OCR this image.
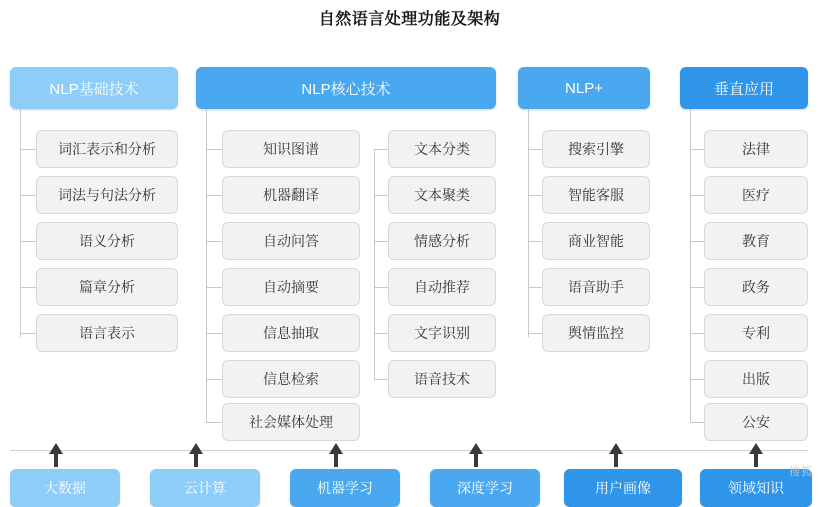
自然语言处理功能及架构
NLP基础技术
词汇表示和分析
词法与句法分析
语义分析
篇章分析
语言表示
NLP核心技术
知识图谱
机器翻译
自动问答
自动摘要
信息抽取
信息检索
社会媒体处理
文本分类
文本聚类
情感分析
自动推荐
文字识别
语音技术
NLP+
搜索引擎
智能客服
商业智能
语音助手
舆情监控
垂直应用
法律
医疗
教育
政务
专利
出版
公安
大数据	云计算	机器学习	深度学习	用户画像	领域知识
搜狐
